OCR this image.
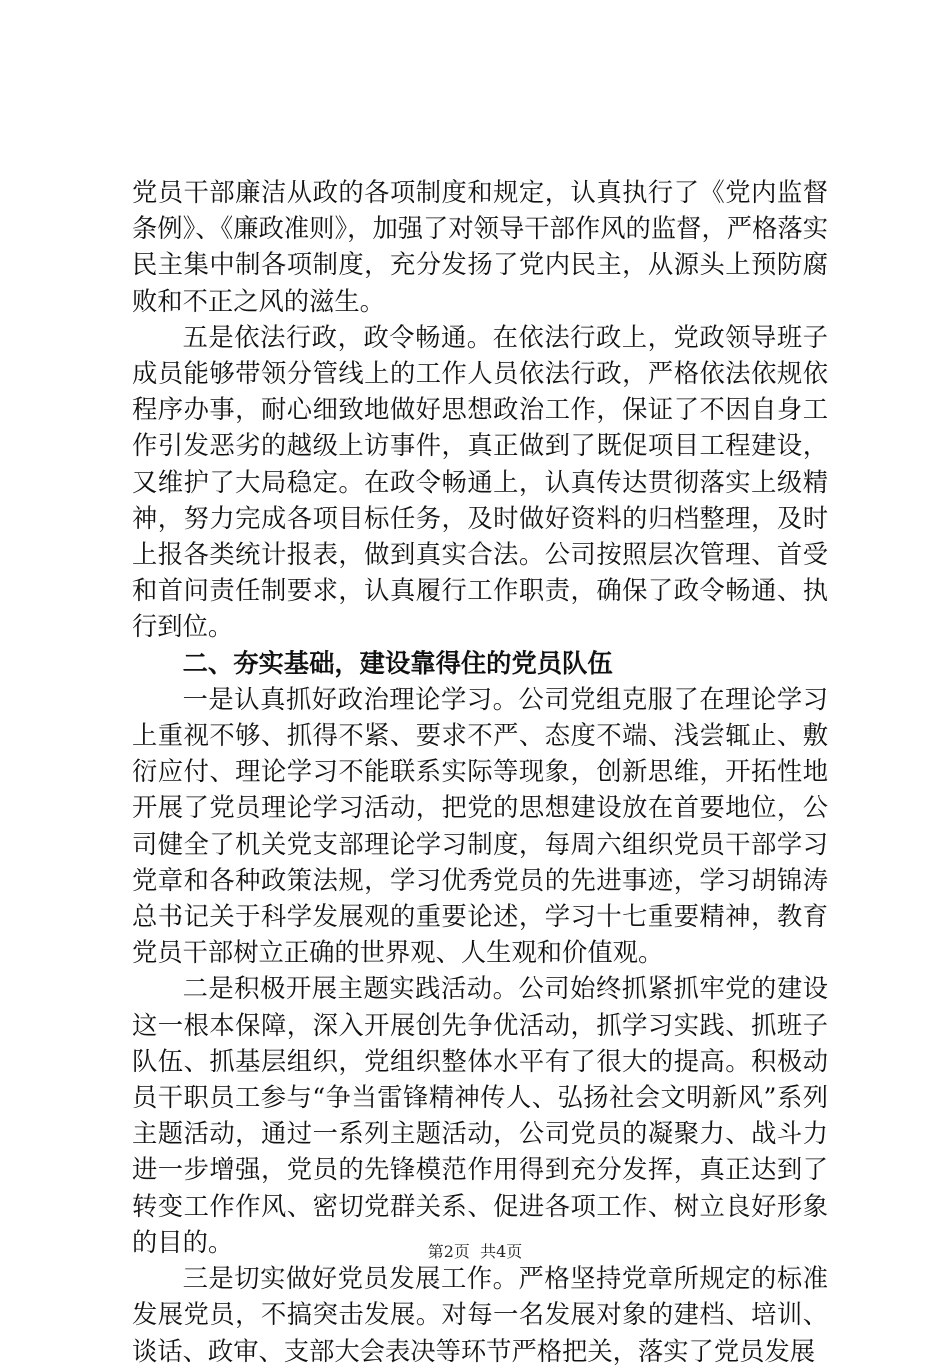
党员干部廉洁从政的各项制度和规定，认真执行了《党内监督条例》、《廉政准则》，加强了对领导干部作风的监督，严格落实民主集中制各项制度，充分发扬了党内民主，从源头上预防腐败和不正之风的滋生。

五是依法行政，政令畅通。在依法行政上，党政领导班子成员能够带领分管线上的工作人员依法行政，严格依法依规依程序办事，耐心细致地做好思想政治工作，保证了不因自身工作引发恶劣的越级上访事件，真正做到了既促项目工程建设，又维护了大局稳定。在政令畅通上，认真传达贯彻落实上级精神，努力完成各项目标任务，及时做好资料的归档整理，及时上报各类统计报表，做到真实合法。公司按照层次管理、首受和首问责任制要求，认真履行工作职责，确保了政令畅通、执行到位。

二、夯实基础，建设靠得住的党员队伍

一是认真抓好政治理论学习。公司党组克服了在理论学习上重视不够、抓得不紧、要求不严、态度不端、浅尝辄止、敷衍应付、理论学习不能联系实际等现象，创新思维，开拓性地开展了党员理论学习活动，把党的思想建设放在首要地位，公司健全了机关党支部理论学习制度，每周六组织党员干部学习党章和各种政策法规，学习优秀党员的先进事迹，学习胡锦涛总书记关于科学发展观的重要论述，学习十七重要精神，教育党员干部树立正确的世界观、人生观和价值观。

二是积极开展主题实践活动。公司始终抓紧抓牢党的建设这一根本保障，深入开展创先争优活动，抓学习实践、抓班子队伍、抓基层组织，党组织整体水平有了很大的提高。积极动员干职员工参与“争当雷锋精神传人、弘扬社会文明新风”系列主题活动，通过一系列主题活动，公司党员的凝聚力、战斗力进一步增强，党员的先锋模范作用得到充分发挥，真正达到了转变工作作风、密切党群关系、促进各项工作、树立良好形象的目的。

三是切实做好党员发展工作。严格坚持党章所规定的标准发展党员，不搞突击发展。对每一名发展对象的建档、培训、谈话、政审、支部大会表决等环节严格把关，落实了党员发展

第2页  共4页
